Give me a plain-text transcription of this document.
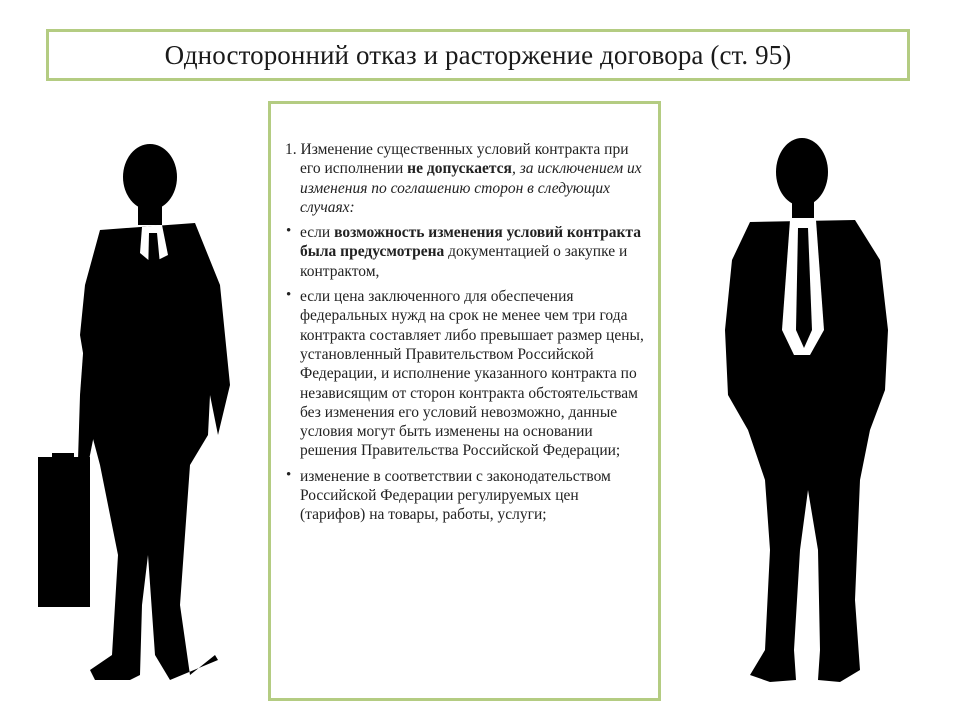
Односторонний отказ и расторжение договора (ст. 95)

1. Изменение существенных условий контракта при его исполнении не допускается, за исключением их изменения по соглашению сторон в следующих случаях:

• если возможность изменения условий контракта была предусмотрена документацией о закупке и контрактом,
• если цена заключенного для обеспечения федеральных нужд на срок не менее чем три года контракта составляет либо превышает размер цены, установленный Правительством Российской Федерации, и исполнение указанного контракта по независящим от сторон контракта обстоятельствам без изменения его условий невозможно, данные условия могут быть изменены на основании решения Правительства Российской Федерации;
• изменение в соответствии с законодательством Российской Федерации регулируемых цен (тарифов) на товары, работы, услуги;
